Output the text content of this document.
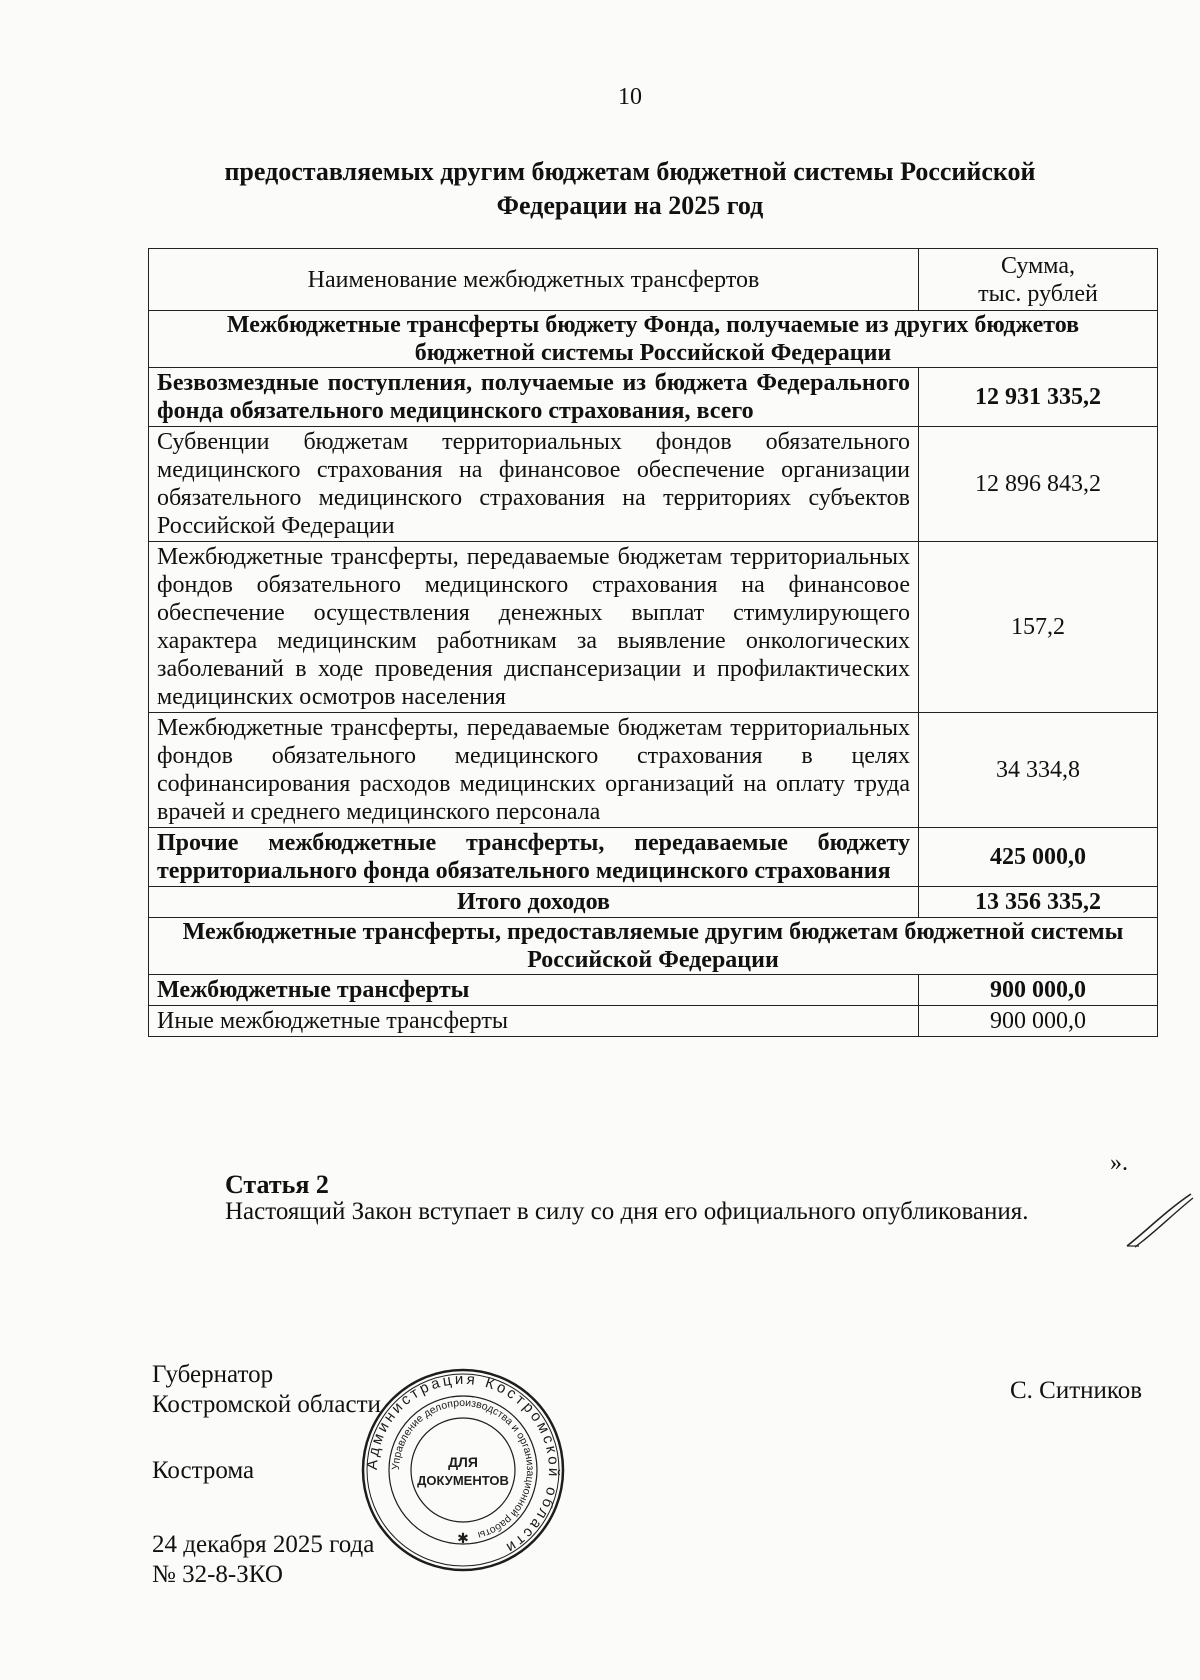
10
предоставляемых другим бюджетам бюджетной системы Российской
Федерации на 2025 год
Наименование межбюджетных трансфертов	Сумма,
тыс. рублей

Межбюджетные трансферты бюджету Фонда, получаемые из других бюджетов бюджетной системы Российской Федерации	
Безвозмездные поступления, получаемые из бюджета Федерального фонда обязательного медицинского страхования, всего	12 931 335,2
Субвенции бюджетам территориальных фондов обязательного медицинского страхования на финансовое обеспечение организации обязательного медицинского страхования на территориях субъектов Российской Федерации	12 896 843,2
Межбюджетные трансферты, передаваемые бюджетам территориальных фондов обязательного медицинского страхования на финансовое обеспечение осуществления денежных выплат стимулирующего характера медицинским работникам за выявление онкологических заболеваний в ходе проведения диспансеризации и профилактических медицинских осмотров населения	157,2
Межбюджетные трансферты, передаваемые бюджетам территориальных фондов обязательного медицинского страхования в целях софинансирования расходов медицинских организаций на оплату труда врачей и среднего медицинского персонала	34 334,8
Прочие межбюджетные трансферты, передаваемые бюджету территориального фонда обязательного медицинского страхования	425 000,0
Итого доходов	13 356 335,2
Межбюджетные трансферты, предоставляемые другим бюджетам бюджетной системы Российской Федерации	
Межбюджетные трансферты	900 000,0
Иные межбюджетные трансферты	900 000,0
».
Статья 2
Настоящий Закон вступает в силу со дня его официального опубликования.
Губернатор
Костромской области
С. Ситников
Кострома
24 декабря 2025 года
№ 32-8-ЗКО
Администрация Костромской области
Управление делопроизводства и организационной работы
ДЛЯ
ДОКУМЕНТОВ
✱
